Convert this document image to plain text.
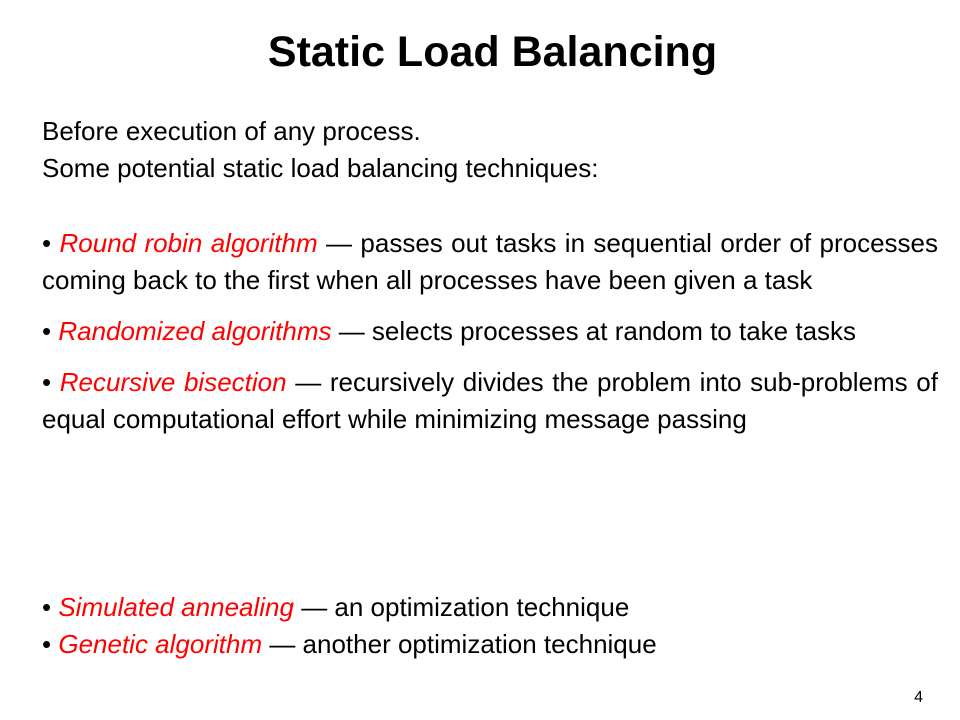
Static Load Balancing
Before execution of any process.
Some potential static load balancing techniques:

• Round robin algorithm — passes out tasks in sequential order of processes coming back to the first when all processes have been given a task

• Randomized algorithms — selects processes at random to take tasks

• Recursive bisection — recursively divides the problem into sub-problems of equal computational effort while minimizing message passing

• Simulated annealing — an optimization technique

• Genetic algorithm — another optimization technique

4
